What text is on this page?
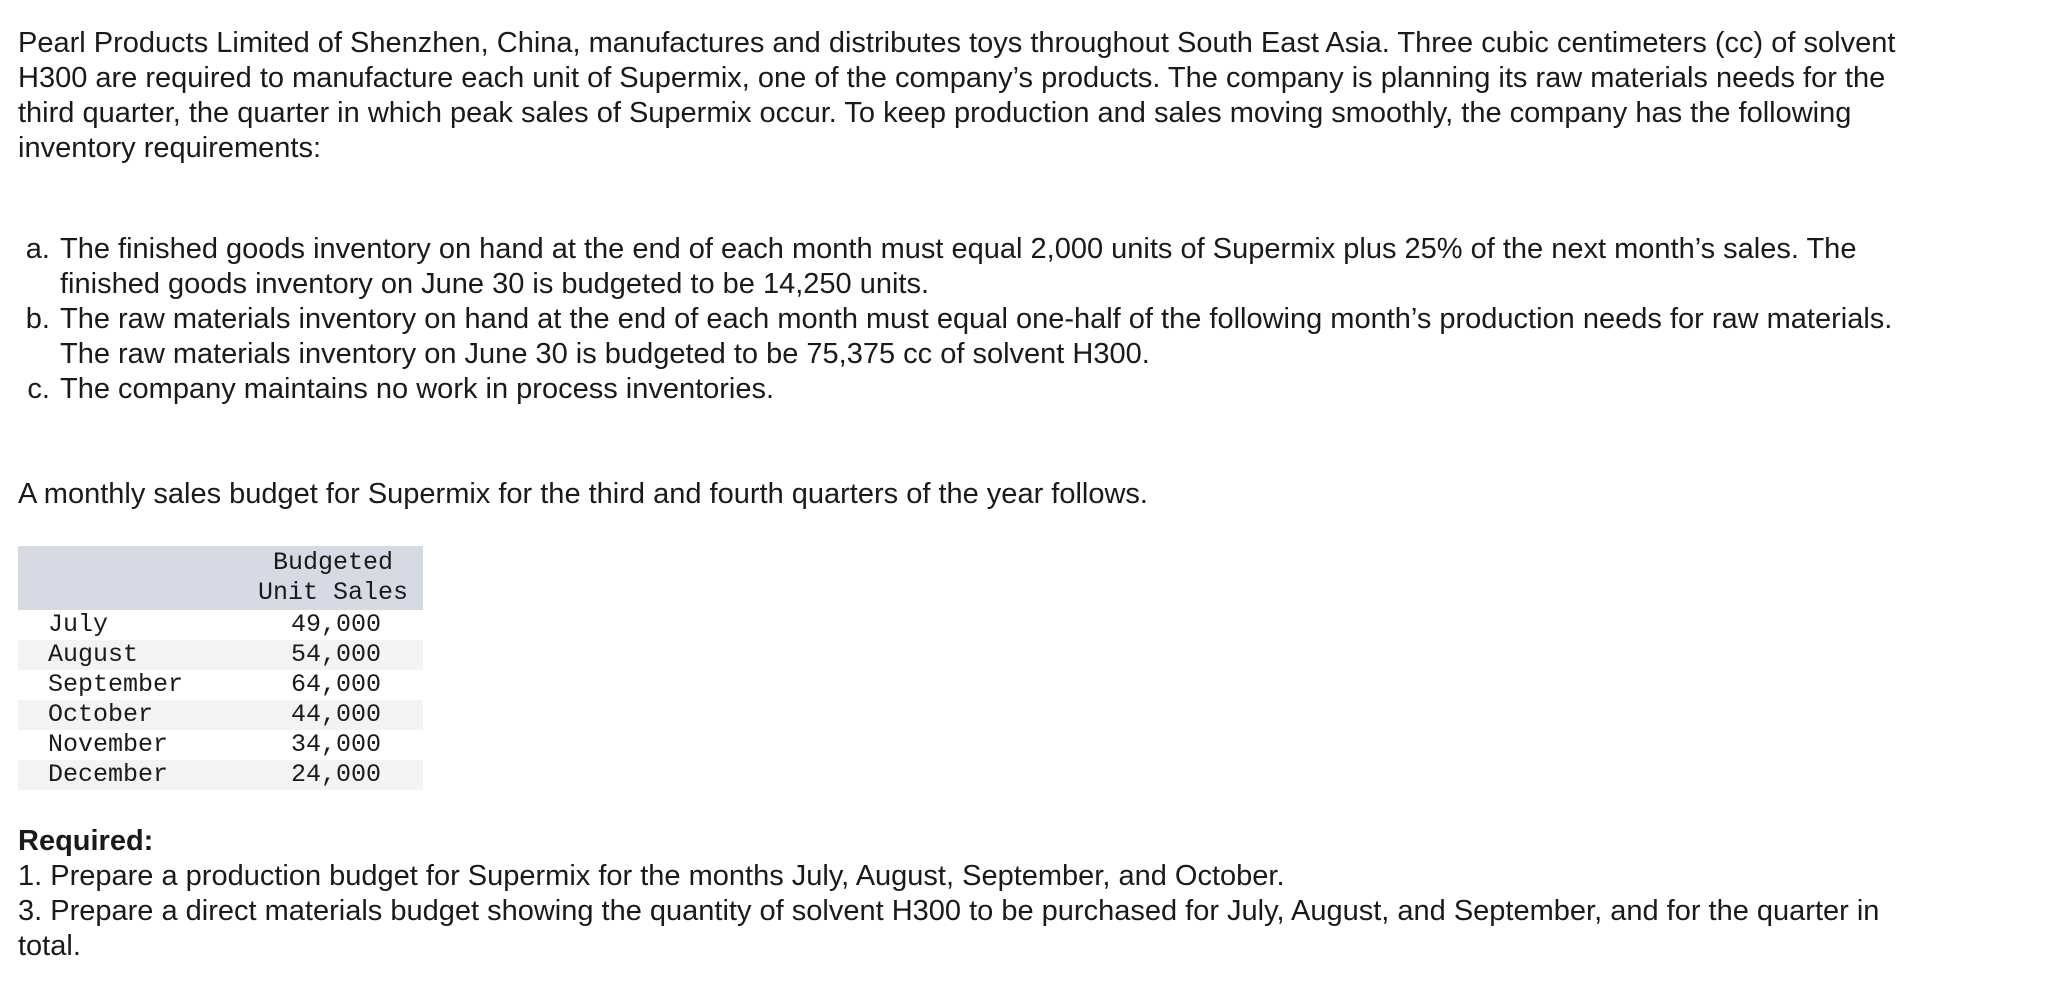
Pearl Products Limited of Shenzhen, China, manufactures and distributes toys throughout South East Asia. Three cubic centimeters (cc) of solvent H300 are required to manufacture each unit of Supermix, one of the company’s products. The company is planning its raw materials needs for the third quarter, the quarter in which peak sales of Supermix occur. To keep production and sales moving smoothly, the company has the following inventory requirements:

a. The finished goods inventory on hand at the end of each month must equal 2,000 units of Supermix plus 25% of the next month’s sales. The finished goods inventory on June 30 is budgeted to be 14,250 units.
b. The raw materials inventory on hand at the end of each month must equal one-half of the following month’s production needs for raw materials. The raw materials inventory on June 30 is budgeted to be 75,375 cc of solvent H300.
c. The company maintains no work in process inventories.

A monthly sales budget for Supermix for the third and fourth quarters of the year follows.

	Budgeted
Unit Sales
July	49,000
August	54,000
September	64,000
October	44,000
November	34,000
December	24,000

Required:

1. Prepare a production budget for Supermix for the months July, August, September, and October.

3. Prepare a direct materials budget showing the quantity of solvent H300 to be purchased for July, August, and September, and for the quarter in total.
